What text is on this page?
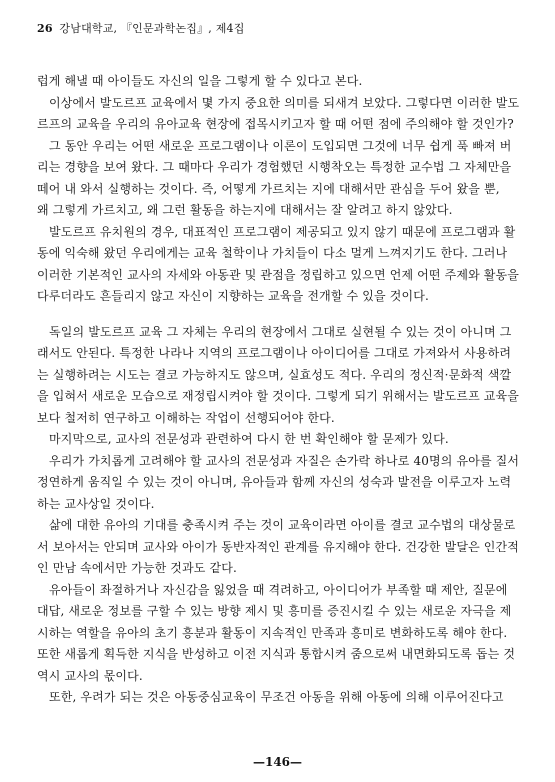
26 강남대학교, 『인문과학논집』, 제4집
럽게 해낼 때 아이들도 자신의 일을 그렇게 할 수 있다고 본다.
이상에서 발도르프 교육에서 몇 가지 중요한 의미를 되새겨 보았다. 그렇다면 이러한 발도
르프의 교육을 우리의 유아교육 현장에 접목시키고자 할 때 어떤 점에 주의해야 할 것인가?
그 동안 우리는 어떤 새로운 프로그램이나 이론이 도입되면 그것에 너무 쉽게 푹 빠져 버
리는 경향을 보여 왔다. 그 때마다 우리가 경험했던 시행착오는 특정한 교수법 그 자체만을
떼어 내 와서 실행하는 것이다. 즉, 어떻게 가르치는 지에 대해서만 관심을 두어 왔을 뿐,
왜 그렇게 가르치고, 왜 그런 활동을 하는지에 대해서는 잘 알려고 하지 않았다.
발도르프 유치원의 경우, 대표적인 프로그램이 제공되고 있지 않기 때문에 프로그램과 활
동에 익숙해 왔던 우리에게는 교육 철학이나 가치들이 다소 멀게 느껴지기도 한다. 그러나
이러한 기본적인 교사의 자세와 아동관 및 관점을 정립하고 있으면 언제 어떤 주제와 활동을
다루더라도 흔들리지 않고 자신이 지향하는 교육을 전개할 수 있을 것이다.
독일의 발도르프 교육 그 자체는 우리의 현장에서 그대로 실현될 수 있는 것이 아니며 그
래서도 안된다. 특정한 나라나 지역의 프로그램이나 아이디어를 그대로 가져와서 사용하려
는 실행하려는 시도는 결코 가능하지도 않으며, 실효성도 적다. 우리의 정신적·문화적 색깔
을 입혀서 새로운 모습으로 재정립시켜야 할 것이다. 그렇게 되기 위해서는 발도르프 교육을
보다 철저히 연구하고 이해하는 작업이 선행되어야 한다.
마지막으로, 교사의 전문성과 관련하여 다시 한 번 확인해야 할 문제가 있다.
우리가 가치롭게 고려해야 할 교사의 전문성과 자질은 손가락 하나로 40명의 유아를 질서
정연하게 움직일 수 있는 것이 아니며, 유아들과 함께 자신의 성숙과 발전을 이루고자 노력
하는 교사상일 것이다.
삶에 대한 유아의 기대를 충족시켜 주는 것이 교육이라면 아이를 결코 교수법의 대상물로
서 보아서는 안되며 교사와 아이가 동반자적인 관계를 유지해야 한다. 건강한 발달은 인간적
인 만남 속에서만 가능한 것과도 같다.
유아들이 좌절하거나 자신감을 잃었을 때 격려하고, 아이디어가 부족할 때 제안, 질문에
대답, 새로운 정보를 구할 수 있는 방향 제시 및 흥미를 증진시킬 수 있는 새로운 자극을 제
시하는 역할을 유아의 초기 흥분과 활동이 지속적인 만족과 흥미로 변화하도록 해야 한다.
또한 새롭게 획득한 지식을 반성하고 이전 지식과 통합시켜 줌으로써 내면화되도록 돕는 것
역시 교사의 몫이다.
또한, 우려가 되는 것은 아동중심교육이 무조건 아동을 위해 아동에 의해 이루어진다고
—146—
